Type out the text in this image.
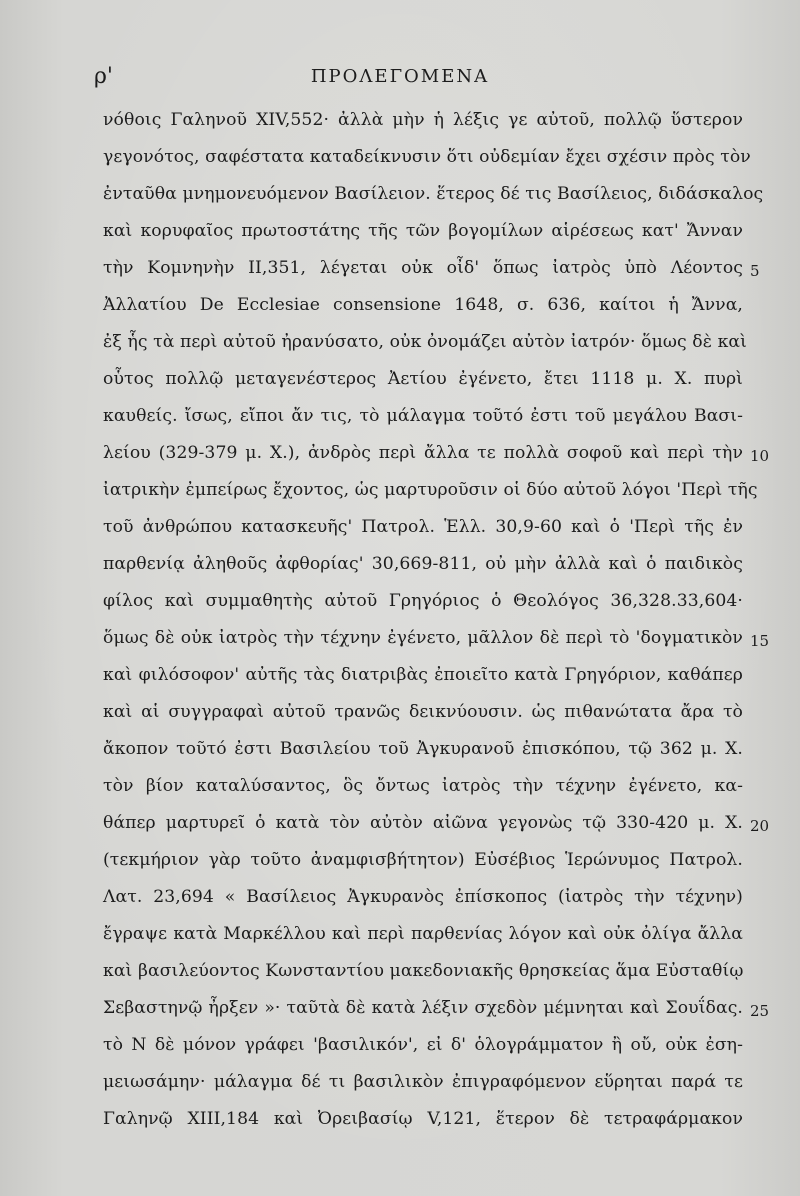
ρ'	ΠΡΟΛΕΓΟΜΕΝΑ
νόθοις Γαληνοῦ XIV,552· ἀλλὰ μὴν ἡ λέξις γε αὐτοῦ, πολλῷ ὕστερον
γεγονότος, σαφέστατα καταδείκνυσιν ὅτι οὐδεμίαν ἔχει σχέσιν πρὸς τὸν
ἐνταῦθα μνημονευόμενον Βασίλειον. ἕτερος δέ τις Βασίλειος, διδάσκαλος
καὶ κορυφαῖος πρωτοστάτης τῆς τῶν βογομίλων αἱρέσεως κατ' Ἄνναν
τὴν Κομνηνὴν II,351, λέγεται οὐκ οἶδ' ὅπως ἰατρὸς ὑπὸ Λέοντος
Ἀλλατίου De Ecclesiae consensione 1648, σ. 636, καίτοι ἡ Ἄννα,
ἐξ ἧς τὰ περὶ αὐτοῦ ἠρανύσατο, οὐκ ὀνομάζει αὐτὸν ἰατρόν· ὅμως δὲ καὶ
οὗτος πολλῷ μεταγενέστερος Ἀετίου ἐγένετο, ἔτει 1118 μ. Χ. πυρὶ
καυθείς. ἴσως, εἴποι ἄν τις, τὸ μάλαγμα τοῦτό ἐστι τοῦ μεγάλου Βασι-
λείου (329-379 μ. Χ.), ἀνδρὸς περὶ ἄλλα τε πολλὰ σοφοῦ καὶ περὶ τὴν
ἰατρικὴν ἐμπείρως ἔχοντος, ὡς μαρτυροῦσιν οἱ δύο αὐτοῦ λόγοι 'Περὶ τῆς
τοῦ ἀνθρώπου κατασκευῆς' Πατρολ. Ἑλλ. 30,9-60 καὶ ὁ 'Περὶ τῆς ἐν
παρθενίᾳ ἀληθοῦς ἀφθορίας' 30,669-811, οὐ μὴν ἀλλὰ καὶ ὁ παιδικὸς
φίλος καὶ συμμαθητὴς αὐτοῦ Γρηγόριος ὁ Θεολόγος 36,328.33,604·
ὅμως δὲ οὐκ ἰατρὸς τὴν τέχνην ἐγένετο, μᾶλλον δὲ περὶ τὸ 'δογματικὸν
καὶ φιλόσοφον' αὐτῆς τὰς διατριβὰς ἐποιεῖτο κατὰ Γρηγόριον, καθάπερ
καὶ αἱ συγγραφαὶ αὐτοῦ τρανῶς δεικνύουσιν. ὡς πιθανώτατα ἄρα τὸ
ἄκοπον τοῦτό ἐστι Βασιλείου τοῦ Ἀγκυρανοῦ ἐπισκόπου, τῷ 362 μ. Χ.
τὸν βίον καταλύσαντος, ὃς ὄντως ἰατρὸς τὴν τέχνην ἐγένετο, κα-
θάπερ μαρτυρεῖ ὁ κατὰ τὸν αὐτὸν αἰῶνα γεγονὼς τῷ 330-420 μ. Χ.
(τεκμήριον γὰρ τοῦτο ἀναμφισβήτητον) Εὐσέβιος Ἱερώνυμος Πατρολ.
Λατ. 23,694 « Βασίλειος Ἀγκυρανὸς ἐπίσκοπος (ἰατρὸς τὴν τέχνην)
ἔγραψε κατὰ Μαρκέλλου καὶ περὶ παρθενίας λόγον καὶ οὐκ ὀλίγα ἄλλα
καὶ βασιλεύοντος Κωνσταντίου μακεδονιακῆς θρησκείας ἅμα Εὐσταθίῳ
Σεβαστηνῷ ἦρξεν »· ταῦτὰ δὲ κατὰ λέξιν σχεδὸν μέμνηται καὶ Σουΐδας.
τὸ Ν δὲ μόνον γράφει 'βασιλικόν', εἰ δ' ὁλογράμματον ἢ οὔ, οὐκ ἐση-
μειωσάμην· μάλαγμα δέ τι βασιλικὸν ἐπιγραφόμενον εὕρηται παρά τε
Γαληνῷ XIII,184 καὶ Ὀρειβασίῳ V,121, ἕτερον δὲ τετραφάρμακον
5
10
15
20
25
